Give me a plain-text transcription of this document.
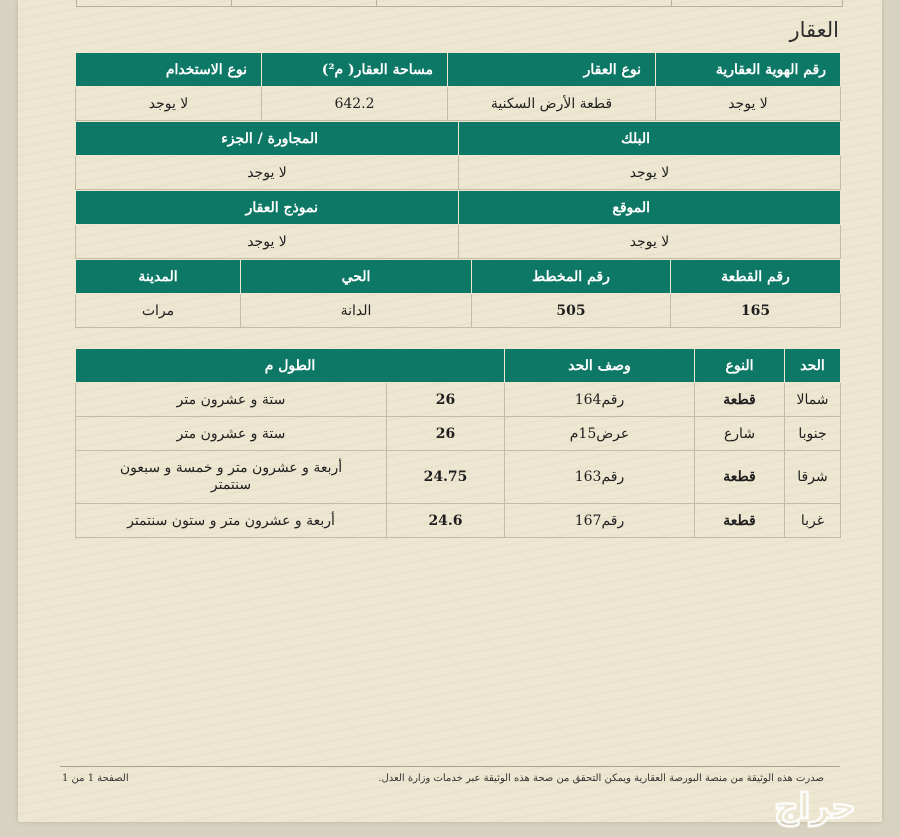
العقار
رقم الهوية العقارية	نوع العقار	مساحة العقار( م²)	نوع الاستخدام
لا يوجد	قطعة الأرض السكنية	642.2	لا يوجد
البلك	المجاورة / الجزء
لا يوجد	لا يوجد
الموقع	نموذج العقار
لا يوجد	لا يوجد
رقم القطعة	رقم المخطط	الحي	المدينة
165	505	الدانة	مرات
الحد	النوع	وصف الحد	الطول م	
شمالا	قطعة	رقم164	26	ستة و عشرون متر
جنوبا	شارع	عرض15م	26	ستة و عشرون متر
شرقا	قطعة	رقم163	24.75	أربعة و عشرون متر و خمسة و سبعون سنتمتر
غربا	قطعة	رقم167	24.6	أربعة و عشرون متر و ستون سنتمتر
صدرت هذه الوثيقة من منصة البورصة العقارية ويمكن التحقق من صحة هذه الوثيقة عبر خدمات وزارة العدل.
الصفحة 1 من 1
حراج
